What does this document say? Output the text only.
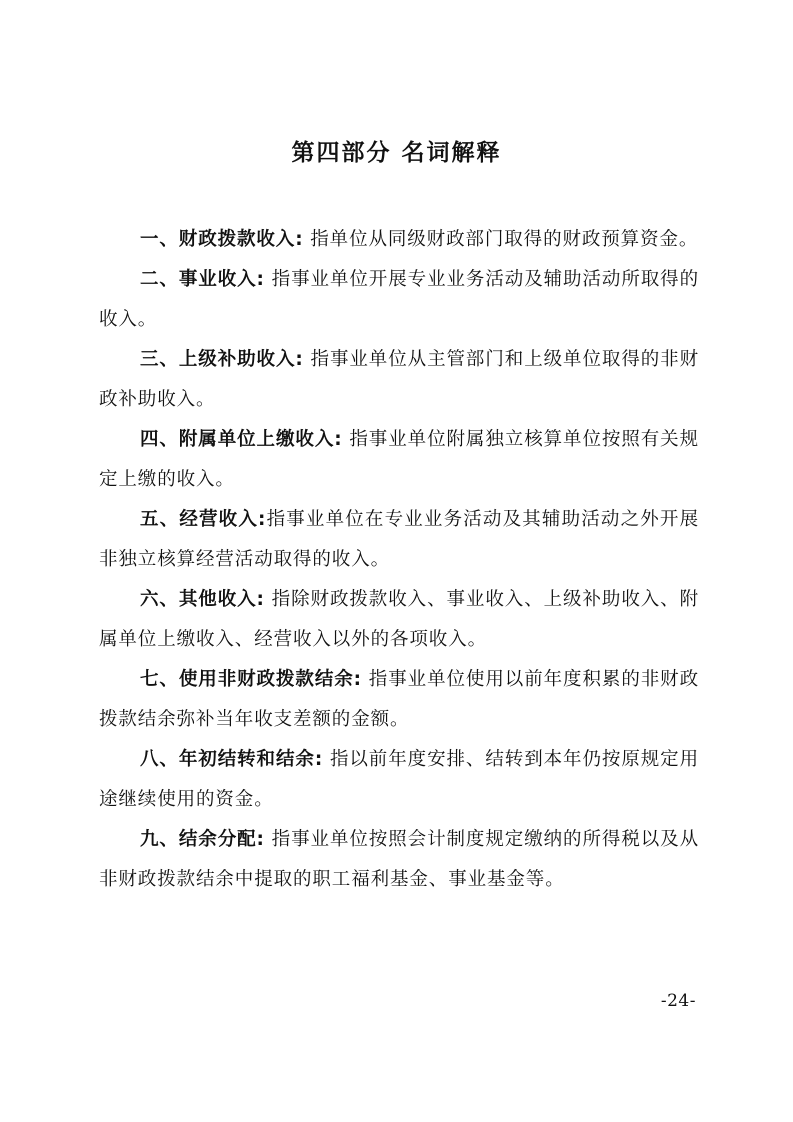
第四部分 名词解释

一、财政拨款收入: 指单位从同级财政部门取得的财政预算资金。

二、事业收入: 指事业单位开展专业业务活动及辅助活动所取得的收入。

三、上级补助收入: 指事业单位从主管部门和上级单位取得的非财政补助收入。

四、附属单位上缴收入: 指事业单位附属独立核算单位按照有关规定上缴的收入。

五、经营收入:指事业单位在专业业务活动及其辅助活动之外开展非独立核算经营活动取得的收入。

六、其他收入: 指除财政拨款收入、事业收入、上级补助收入、附属单位上缴收入、经营收入以外的各项收入。

七、使用非财政拨款结余: 指事业单位使用以前年度积累的非财政拨款结余弥补当年收支差额的金额。

八、年初结转和结余: 指以前年度安排、结转到本年仍按原规定用途继续使用的资金。

九、结余分配: 指事业单位按照会计制度规定缴纳的所得税以及从非财政拨款结余中提取的职工福利基金、事业基金等。

-24-
